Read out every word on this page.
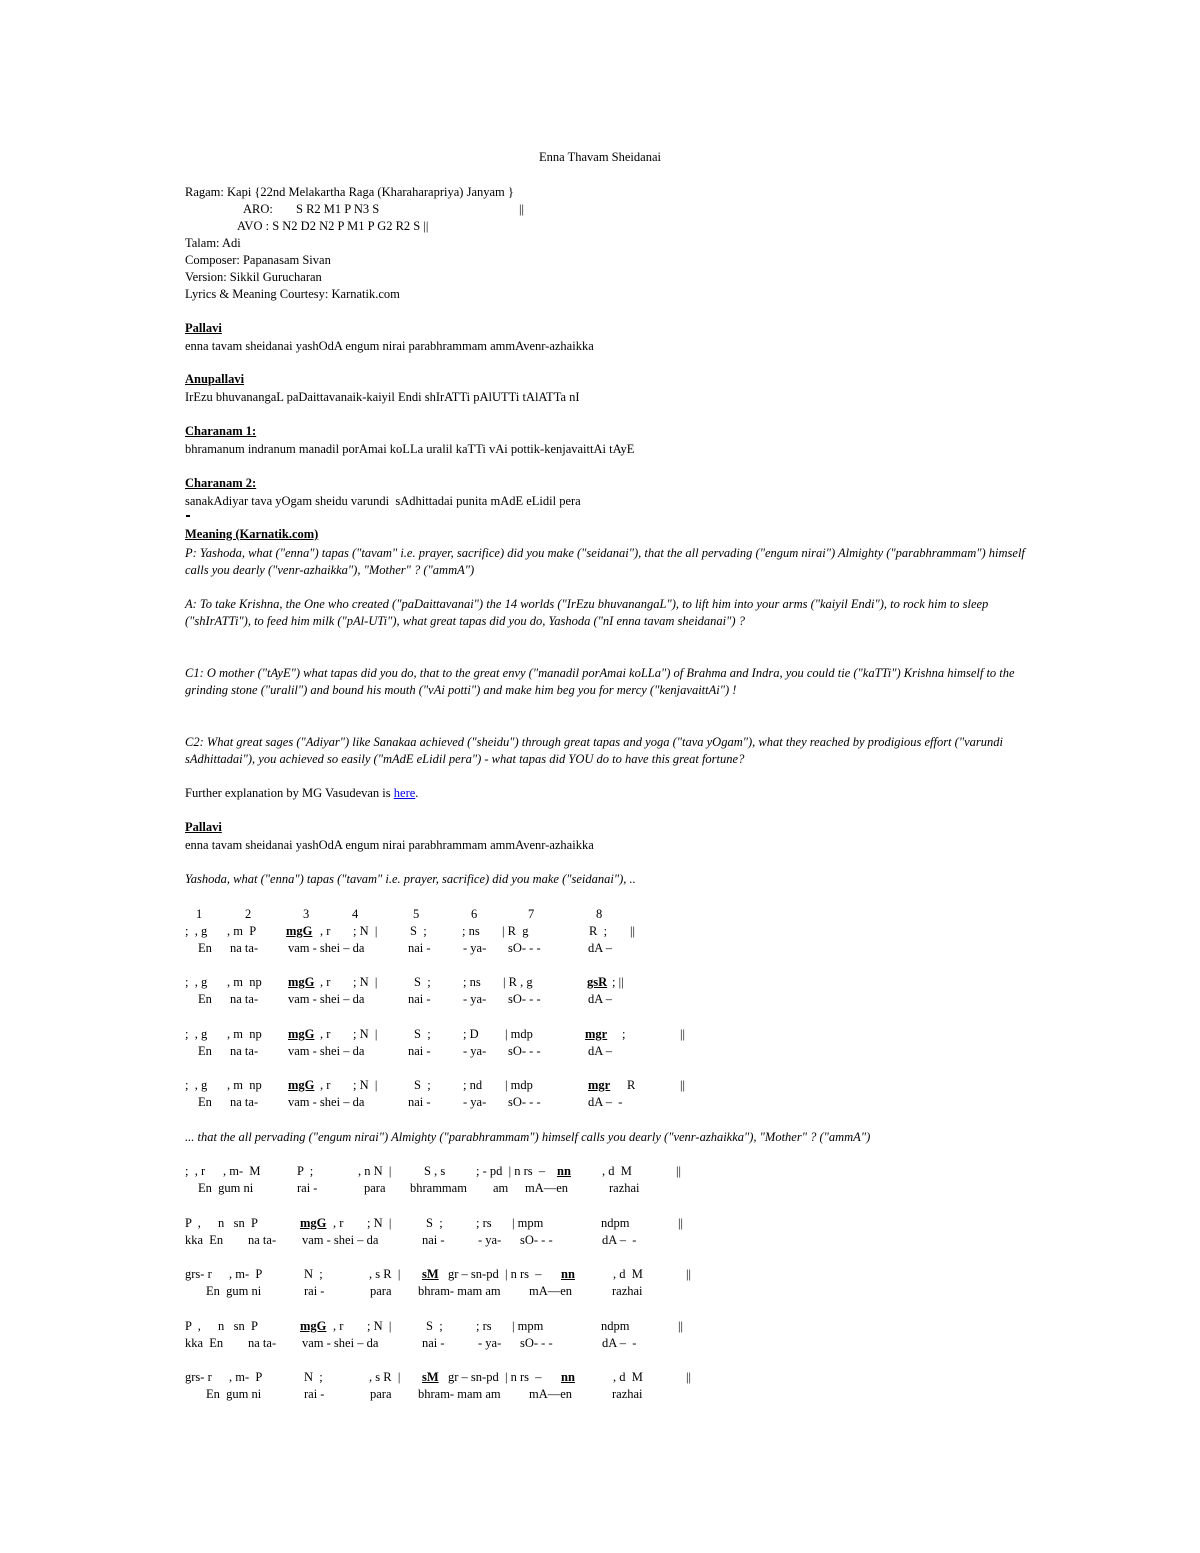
Enna Thavam Sheidanai
Ragam: Kapi {22nd Melakartha Raga (Kharaharapriya) Janyam }
ARO: S R2 M1 P N3 S	||
AVO : S N2 D2 N2 P M1 P G2 R2 S ||
Talam: Adi
Composer: Papanasam Sivan
Version: Sikkil Gurucharan
Lyrics & Meaning Courtesy: Karnatik.com
Pallavi
enna tavam sheidanai yashOdA engum nirai parabhrammam ammAvenr-azhaikka
Anupallavi
IrEzu bhuvanangaL paDaittavanaik-kaiyil Endi shIrATTi pAlUTTi tAlATTa nI
Charanam 1:
bhramanum indranum manadil porAmai koLLa uralil kaTTi vAi pottik-kenjavaittAi tAyE
Charanam 2:
sanakAdiyar tava yOgam sheidu varundi  sAdhittadai punita mAdE eLidil pera
Meaning (Karnatik.com)
P: Yashoda, what ("enna") tapas ("tavam" i.e. prayer, sacrifice) did you make ("seidanai"), that the all pervading ("engum nirai") Almighty ("parabhrammam") himself calls you dearly ("venr-azhaikka"), "Mother" ? ("ammA")
A: To take Krishna, the One who created ("paDaittavanai") the 14 worlds ("IrEzu bhuvanangaL"), to lift him into your arms ("kaiyil Endi"), to rock him to sleep ("shIrATTi"), to feed him milk ("pAl-UTi"), what great tapas did you do, Yashoda ("nI enna tavam sheidanai") ?
C1: O mother ("tAyE") what tapas did you do, that to the great envy ("manadil porAmai koLLa") of Brahma and Indra, you could tie ("kaTTi") Krishna himself to the grinding stone ("uralil") and bound his mouth ("vAi potti") and make him beg you for mercy ("kenjavaittAi") !
C2: What great sages ("Adiyar") like Sanakaa achieved ("sheidu") through great tapas and yoga ("tava yOgam"), what they reached by prodigious effort ("varundi sAdhittadai"), you achieved so easily ("mAdE eLidil pera") - what tapas did YOU do to have this great fortune?
Further explanation by MG Vasudevan is here.
Pallavi
enna tavam sheidanai yashOdA engum nirai parabhrammam ammAvenr-azhaikka
Yashoda, what ("enna") tapas ("tavam" i.e. prayer, sacrifice) did you make ("seidanai"), ..
1	2	3	4	5	6	7	8
;  , g , m  P mgG , r ; N  |	S  ;	; ns | R  g	R  ; ||
En na ta- vam - shei – da	nai -	- ya- sO- - -	dA –
;  , g , m  np mgG , r ; N  |	S  ;	; ns | R , g	gsR ; ||
En na ta- vam - shei – da	nai -	- ya- sO- - -	dA –
;  , g , m  np mgG , r ; N  |	S  ;	; D | mdp	mgr ;	||
En na ta- vam - shei – da	nai -	- ya- sO- - -	dA –
;  , g , m  np mgG , r ; N  |	S  ;	; nd | mdp	mgr R	||
En na ta- vam - shei – da	nai -	- ya- sO- - -	dA –  -
... that the all pervading ("engum nirai") Almighty ("parabhrammam") himself calls you dearly ("venr-azhaikka"), "Mother" ? ("ammA")
;  , r , m-  M	P  ;	, n N  |	S , s ; - pd  | n rs  – nn , d  M	||
En  gum ni	rai -	para bhrammam am mA—en	razhai
P  , n   sn  P	mgG , r ; N  |	S  ;	; rs | mpm	ndpm	||
kka  En na ta- vam - shei – da	nai -	- ya- sO- - -	dA –  -
grs- r , m-  P	N  ;	, s R  | sM gr – sn-pd  | n rs  – nn	, d  M	||
En  gum ni	rai -	para bhram- mam am mA—en	razhai
P  , n   sn  P	mgG , r ; N  |	S  ;	; rs | mpm	ndpm	||
kka  En na ta- vam - shei – da	nai -	- ya- sO- - -	dA –  -
grs- r , m-  P	N  ;	, s R  | sM gr – sn-pd  | n rs  – nn	, d  M	||
En  gum ni	rai -	para bhram- mam am mA—en	razhai
